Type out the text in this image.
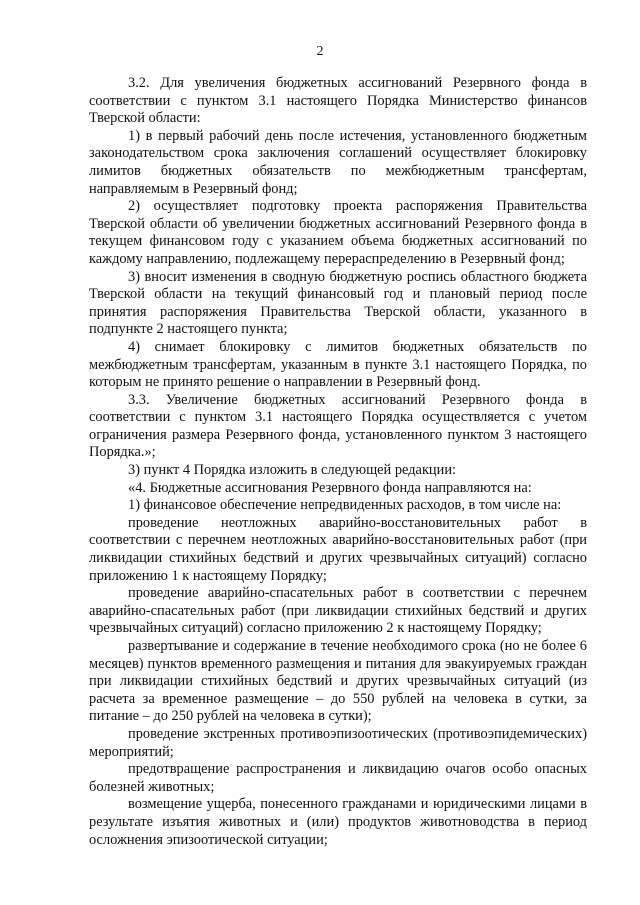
2

3.2. Для увеличения бюджетных ассигнований Резервного фонда в соответствии с пунктом 3.1 настоящего Порядка Министерство финансов Тверской области:

1) в первый рабочий день после истечения, установленного бюджетным законодательством срока заключения соглашений осуществляет блокировку лимитов бюджетных обязательств по межбюджетным трансфертам, направляемым в Резервный фонд;

2) осуществляет подготовку проекта распоряжения Правительства Тверской области об увеличении бюджетных ассигнований Резервного фонда в текущем финансовом году с указанием объема бюджетных ассигнований по каждому направлению, подлежащему перераспределению в Резервный фонд;

3) вносит изменения в сводную бюджетную роспись областного бюджета Тверской области на текущий финансовый год и плановый период после принятия распоряжения Правительства Тверской области, указанного в подпункте 2 настоящего пункта;

4) снимает блокировку с лимитов бюджетных обязательств по межбюджетным трансфертам, указанным в пункте 3.1 настоящего Порядка, по которым не принято решение о направлении в Резервный фонд.

3.3. Увеличение бюджетных ассигнований Резервного фонда в соответствии с пунктом 3.1 настоящего Порядка осуществляется с учетом ограничения размера Резервного фонда, установленного пунктом 3 настоящего Порядка.»;

3) пункт 4 Порядка изложить в следующей редакции:

«4. Бюджетные ассигнования Резервного фонда направляются на:

1) финансовое обеспечение непредвиденных расходов, в том числе на:

проведение неотложных аварийно-восстановительных работ в соответствии с перечнем неотложных аварийно-восстановительных работ (при ликвидации стихийных бедствий и других чрезвычайных ситуаций) согласно приложению 1 к настоящему Порядку;

проведение аварийно-спасательных работ в соответствии с перечнем аварийно-спасательных работ (при ликвидации стихийных бедствий и других чрезвычайных ситуаций) согласно приложению 2 к настоящему Порядку;

развертывание и содержание в течение необходимого срока (но не более 6 месяцев) пунктов временного размещения и питания для эвакуируемых граждан при ликвидации стихийных бедствий и других чрезвычайных ситуаций (из расчета за временное размещение – до 550 рублей на человека в сутки, за питание – до 250 рублей на человека в сутки);

проведение экстренных противоэпизоотических (противоэпидемических) мероприятий;

предотвращение распространения и ликвидацию очагов особо опасных болезней животных;

возмещение ущерба, понесенного гражданами и юридическими лицами в результате изъятия животных и (или) продуктов животноводства в период осложнения эпизоотической ситуации;
